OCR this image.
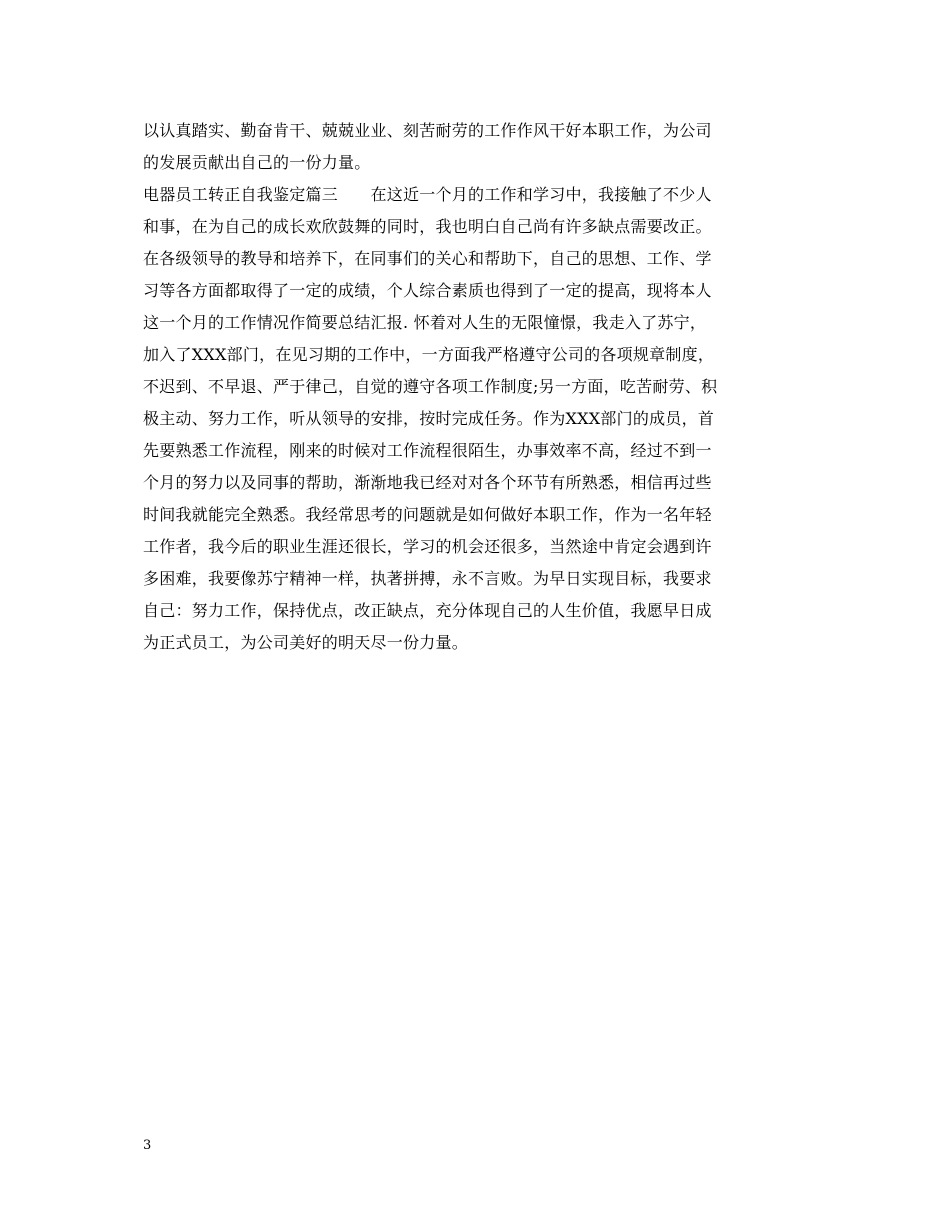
以认真踏实、勤奋肯干、兢兢业业、刻苦耐劳的工作作风干好本职工作，为公司
的发展贡献出自己的一份力量。
电器员工转正自我鉴定篇三　　在这近一个月的工作和学习中，我接触了不少人
和事，在为自己的成长欢欣鼓舞的同时，我也明白自己尚有许多缺点需要改正。
在各级领导的教导和培养下，在同事们的关心和帮助下，自己的思想、工作、学
习等各方面都取得了一定的成绩，个人综合素质也得到了一定的提高，现将本人
这一个月的工作情况作简要总结汇报. 怀着对人生的无限憧憬，我走入了苏宁，
加入了XXX部门，在见习期的工作中，一方面我严格遵守公司的各项规章制度，
不迟到、不早退、严于律己，自觉的遵守各项工作制度;另一方面，吃苦耐劳、积
极主动、努力工作，听从领导的安排，按时完成任务。作为XXX部门的成员，首
先要熟悉工作流程，刚来的时候对工作流程很陌生，办事效率不高，经过不到一
个月的努力以及同事的帮助，渐渐地我已经对对各个环节有所熟悉，相信再过些
时间我就能完全熟悉。我经常思考的问题就是如何做好本职工作，作为一名年轻
工作者，我今后的职业生涯还很长，学习的机会还很多，当然途中肯定会遇到许
多困难，我要像苏宁精神一样，执著拼搏，永不言败。为早日实现目标，我要求
自己：努力工作，保持优点，改正缺点，充分体现自己的人生价值，我愿早日成
为正式员工，为公司美好的明天尽一份力量。
3
